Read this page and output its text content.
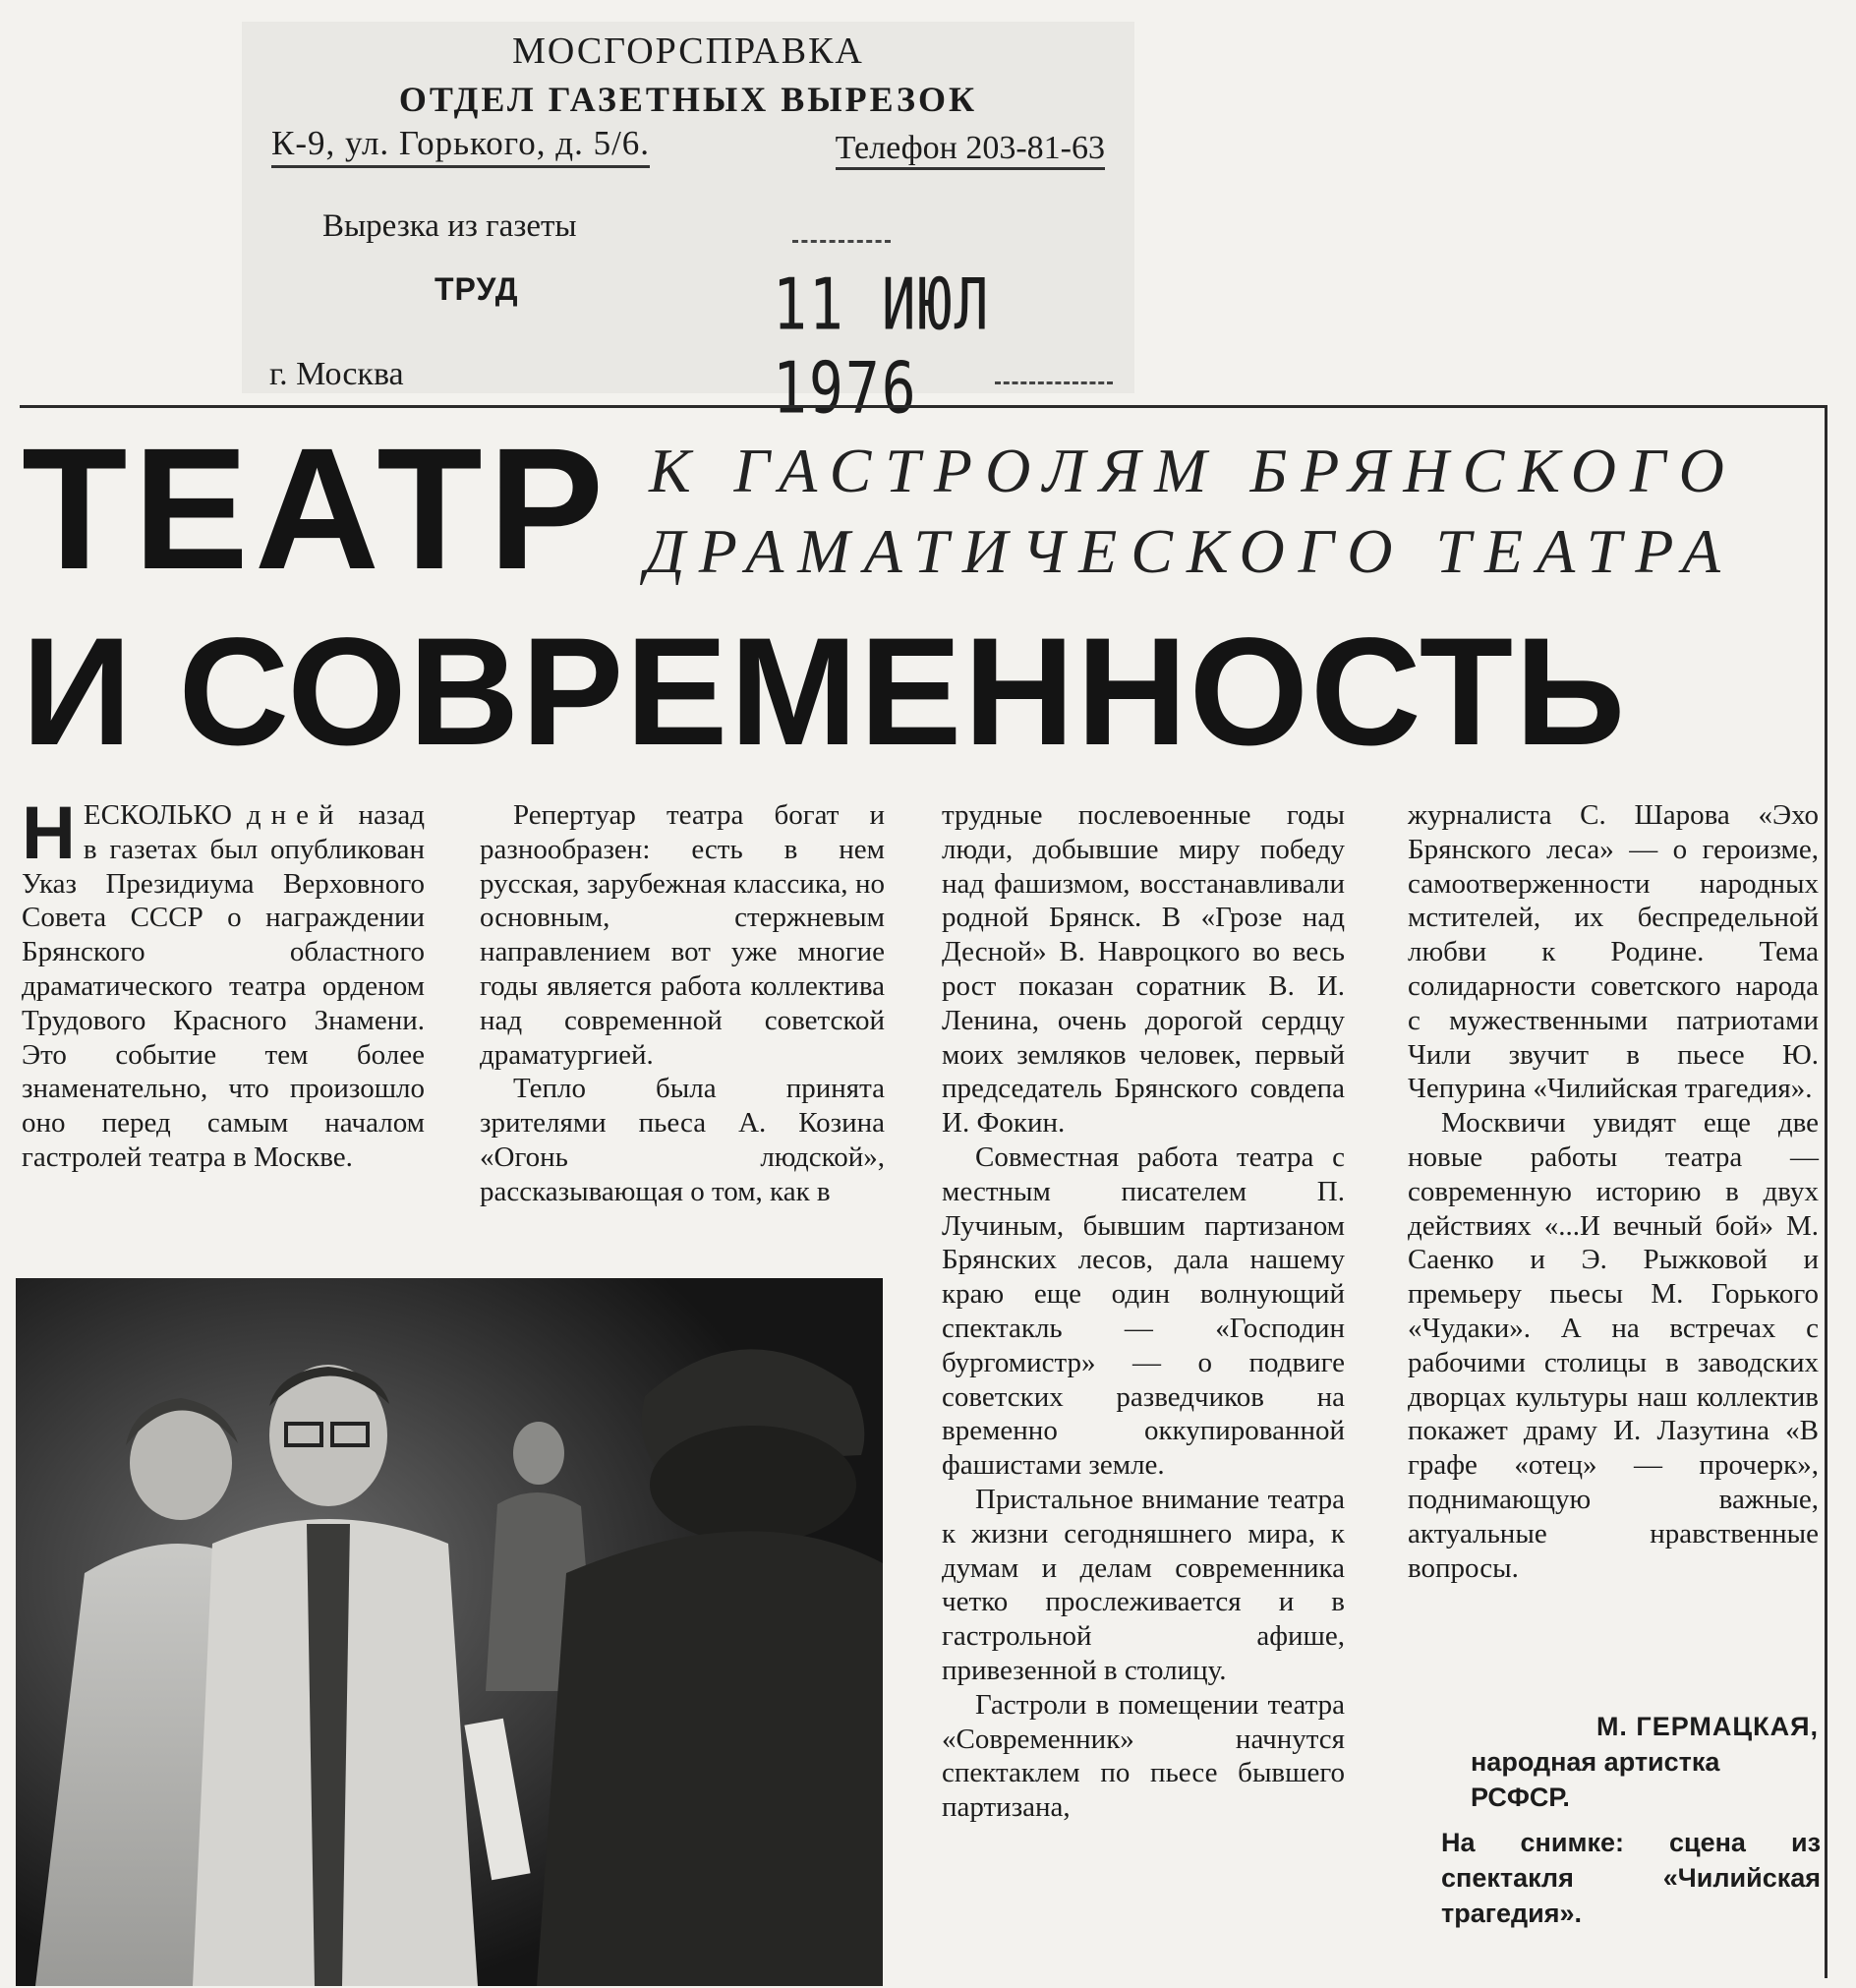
МОСГОРСПРАВКА
ОТДЕЛ ГАЗЕТНЫХ ВЫРЕЗОК
К-9, ул. Горького, д. 5/6.	Телефон 203-81-63
Вырезка из газеты
ТРУД	11 ИЮЛ 1976
г. Москва
ТЕАТР К ГАСТРОЛЯМ БРЯНСКОГО
ДРАМАТИЧЕСКОГО ТЕАТРА
И СОВРЕМЕННОСТЬ

Н ЕСКОЛЬКО дней назад в газетах был опубликован Указ Президиума Верховного Совета СССР о награждении Брянского областного драматического театра орденом Трудового Красного Знамени. Это событие тем более знаменательно, что произошло оно перед самым началом гастролей театра в Москве.

Репертуар театра богат и разнообразен: есть в нем русская, зарубежная классика, но основным, стержневым направлением вот уже многие годы является работа коллектива над современной советской драматургией.

Тепло была принята зрителями пьеса А. Козина «Огонь людской», рассказывающая о том, как в

трудные послевоенные годы люди, добывшие миру победу над фашизмом, восстанавливали родной Брянск. В «Грозе над Десной» В. Навроцкого во весь рост показан соратник В. И. Ленина, очень дорогой сердцу моих земляков человек, первый председатель Брянского совдепа И. Фокин.

Совместная работа театра с местным писателем П. Лучиным, бывшим партизаном Брянских лесов, дала нашему краю еще один волнующий спектакль — «Господин бургомистр» — о подвиге советских разведчиков на временно оккупированной фашистами земле.

Пристальное внимание театра к жизни сегодняшнего мира, к думам и делам современника четко прослеживается и в гастрольной афише, привезенной в столицу.

Гастроли в помещении театра «Современник» начнутся спектаклем по пьесе бывшего партизана,

журналиста С. Шарова «Эхо Брянского леса» — о героизме, самоотверженности народных мстителей, их беспредельной любви к Родине. Тема солидарности советского народа с мужественными патриотами Чили звучит в пьесе Ю. Чепурина «Чилийская трагедия».

Москвичи увидят еще две новые работы театра — современную историю в двух действиях «...И вечный бой» М. Саенко и Э. Рыжковой и премьеру пьесы М. Горького «Чудаки». А на встречах с рабочими столицы в заводских дворцах культуры наш коллектив покажет драму И. Лазутина «В графе «отец» — прочерк», поднимающую важные, актуальные нравственные вопросы.

М. ГЕРМАЦКАЯ,
народная артистка
РСФСР.
На снимке: сцена из спектакля «Чилийская трагедия».
